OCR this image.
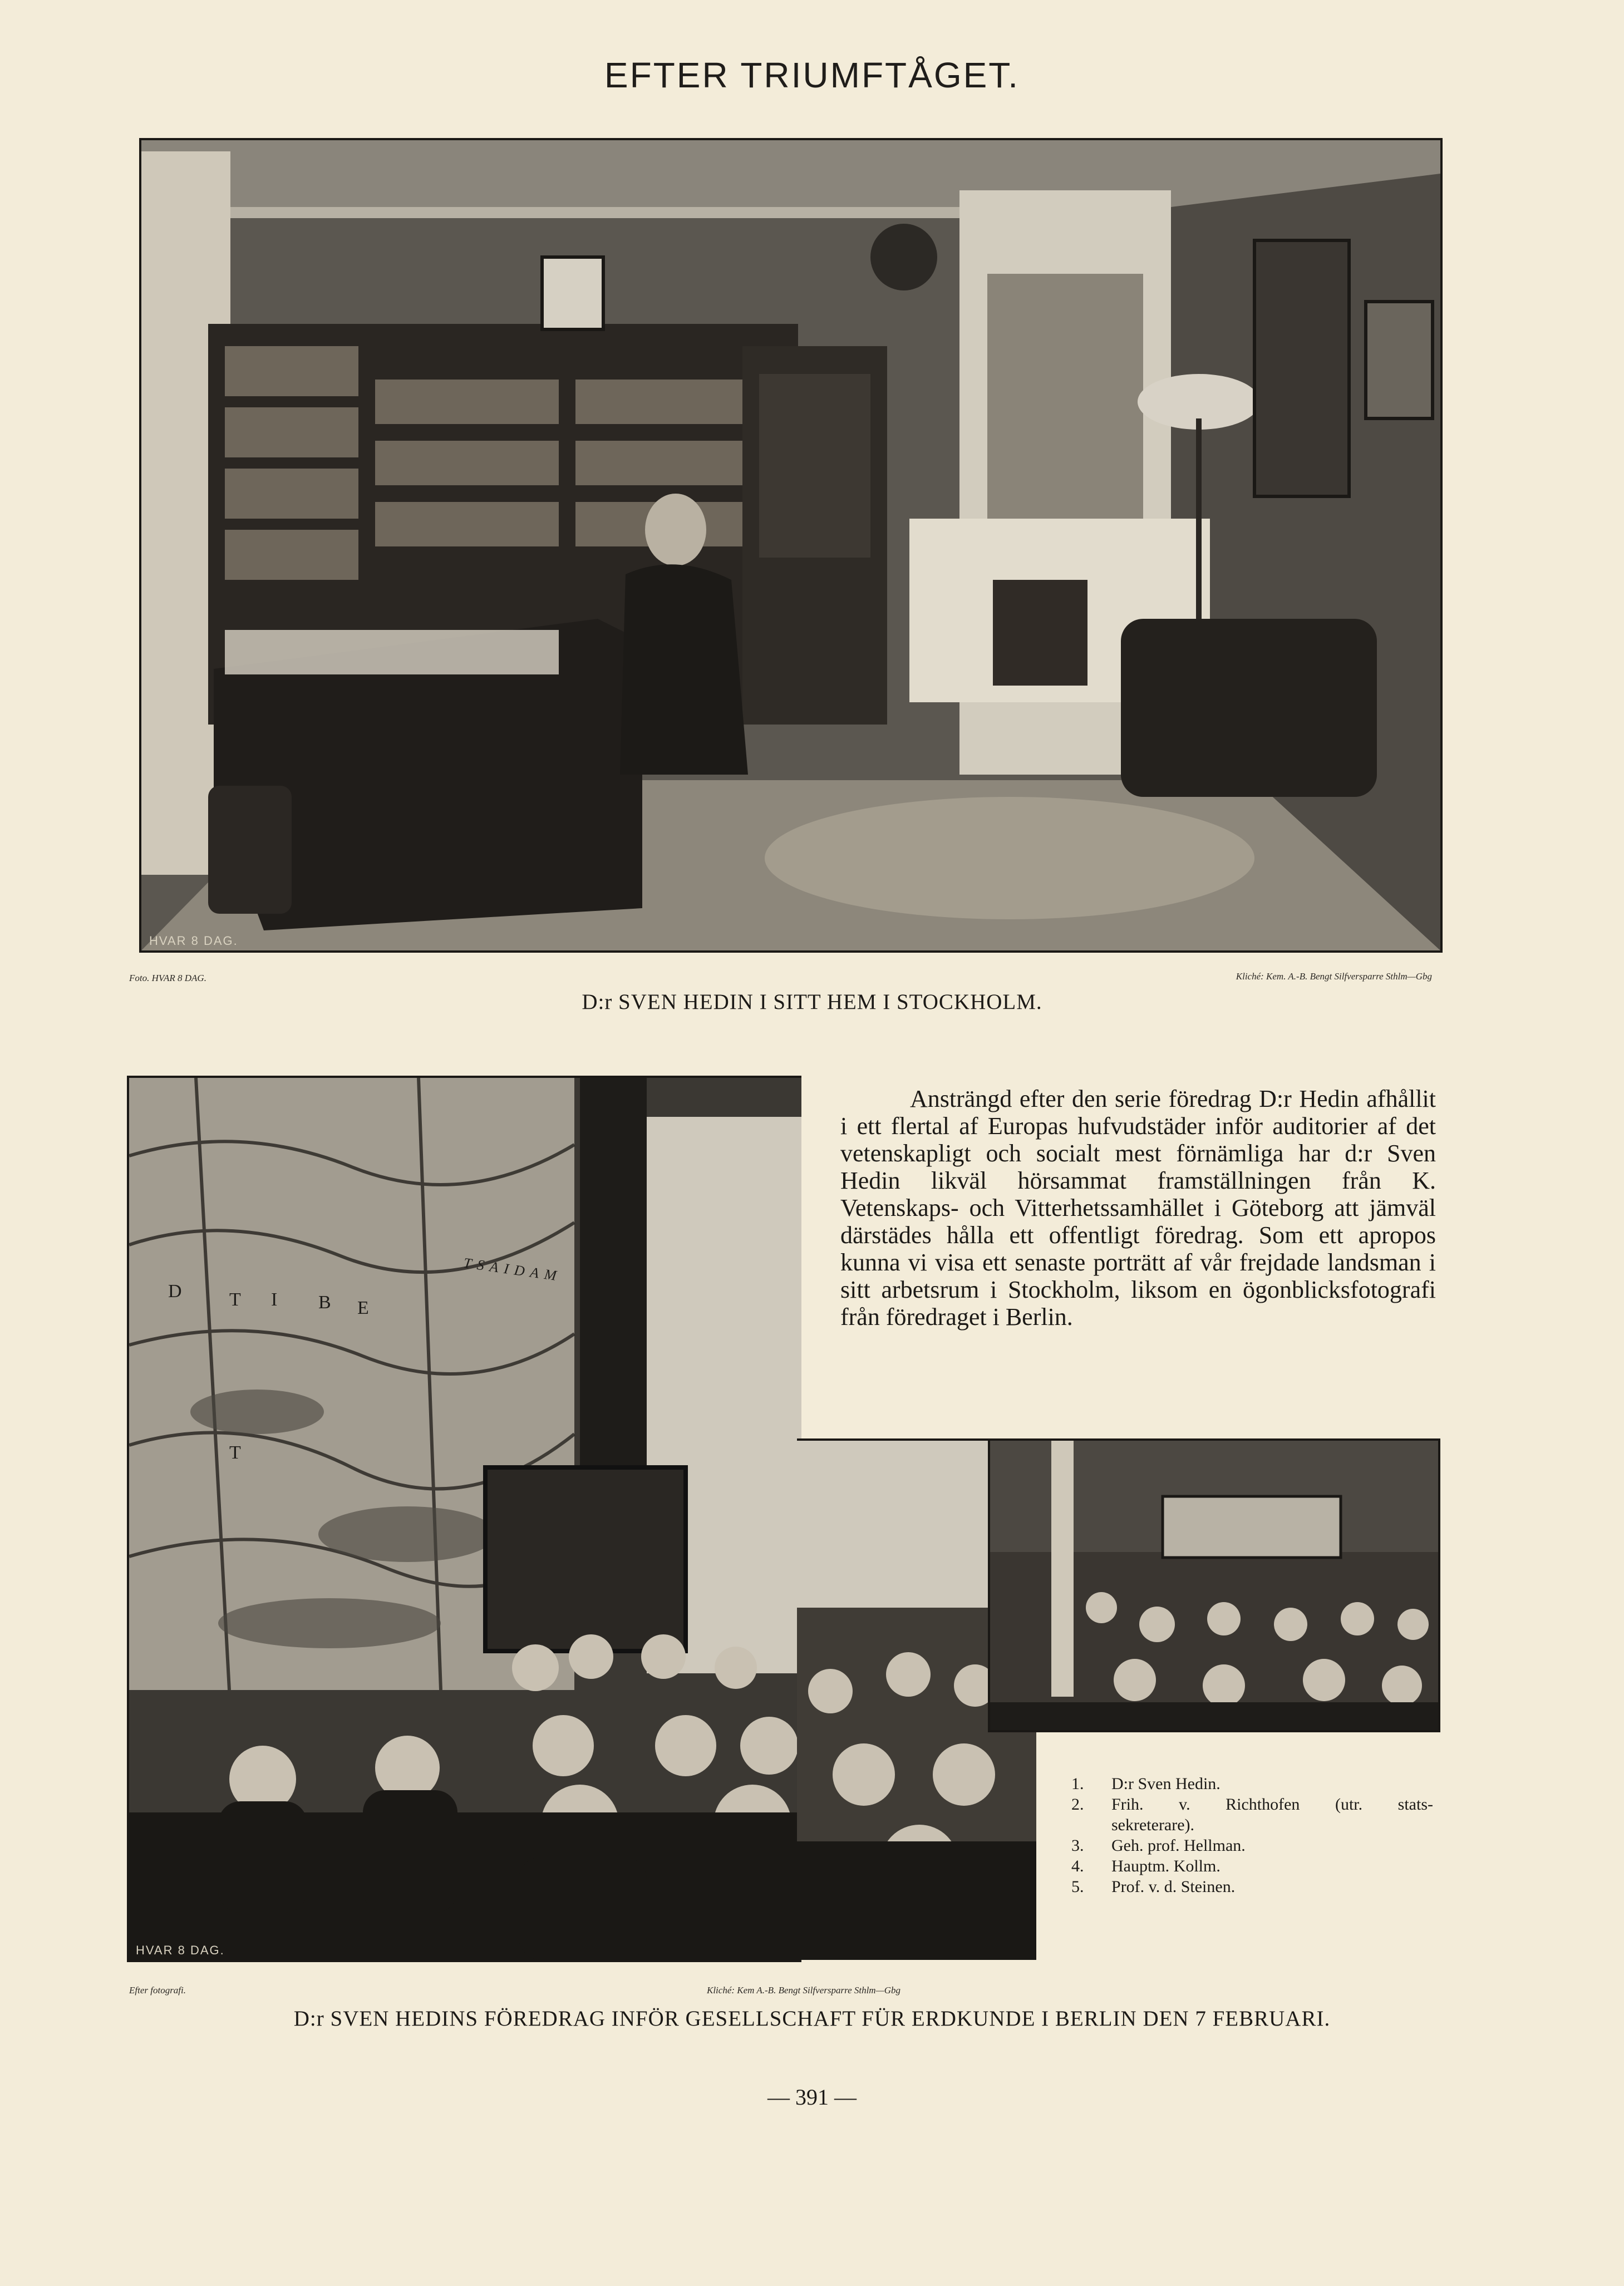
EFTER TRIUMFTÅGET.
HVAR 8 DAG.
Foto. HVAR 8 DAG.	Kliché: Kem. A.-B. Bengt Silfversparre Sthlm—Gbg
D:r SVEN HEDIN I SITT HEM I STOCKHOLM.
TSAIDAM
D	T I B E
T
HVAR 8 DAG.

Ansträngd efter den serie föredrag D:r Hedin afhållit i ett flertal af Europas hufvudstäder inför auditorier af det vetenskapligt och socialt mest förnämliga har d:r Sven Hedin likväl hörsammat framställningen från K. Vetenskaps- och Vitterhetssamhället i Göteborg att jämväl därstädes hålla ett offentligt föredrag. Som ett apropos kunna vi visa ett senaste porträtt af vår frejdade landsman i sitt arbetsrum i Stockholm, liksom en ögonblicksfotografi från föredraget i Berlin.

1.	D:r Sven Hedin.
2.	Frih. v. Richthofen (utr. stats-
sekreterare).
3.	Geh. prof. Hellman.
4.	Hauptm. Kollm.
5.	Prof. v. d. Steinen.
Efter fotografi.	Kliché: Kem A.-B. Bengt Silfversparre Sthlm—Gbg
D:r SVEN HEDINS FÖREDRAG INFÖR GESELLSCHAFT FÜR ERDKUNDE I BERLIN DEN 7 FEBRUARI.
— 391 —
